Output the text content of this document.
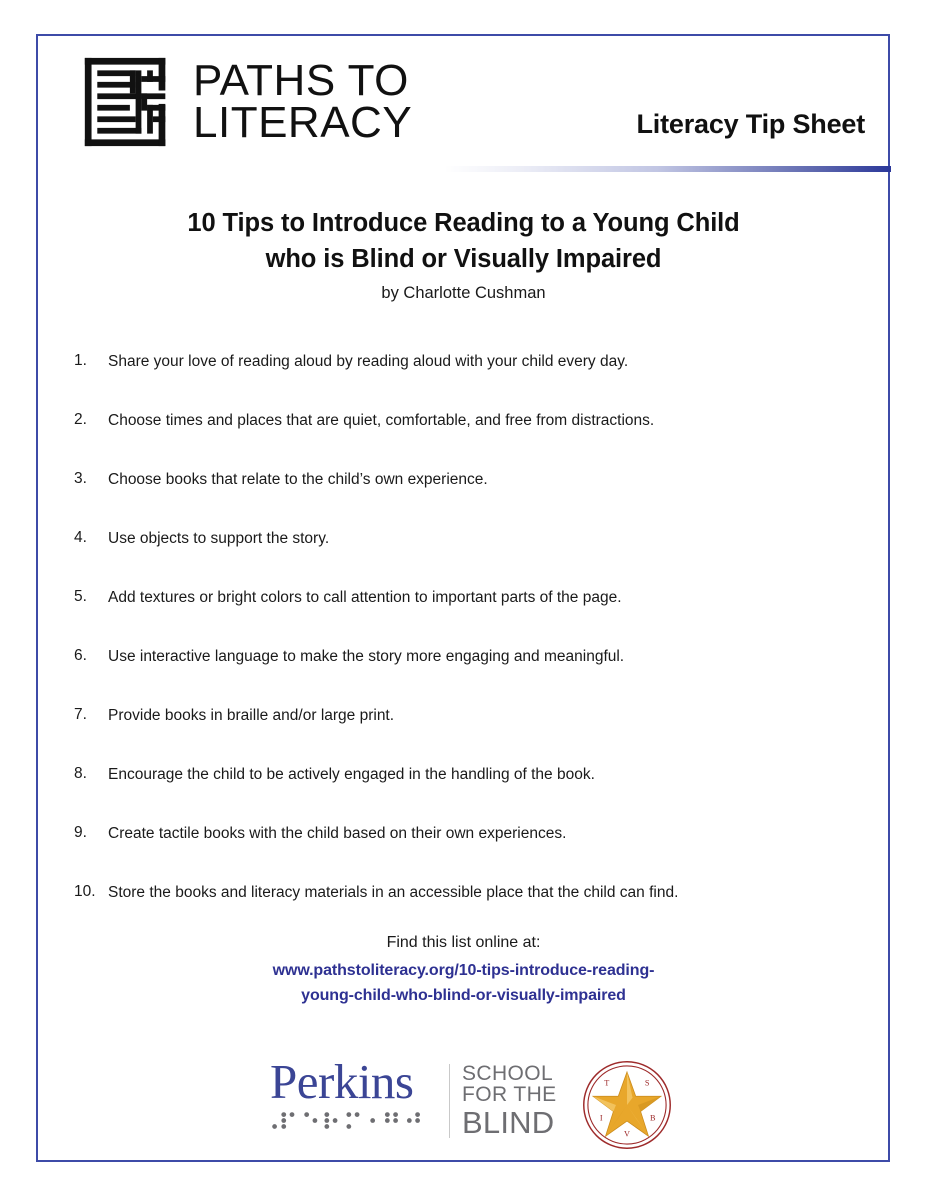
PATHS TO
LITERACY	Literacy Tip Sheet
10 Tips to Introduce Reading to a Young Child
who is Blind or Visually Impaired
by Charlotte Cushman
1.	Share your love of reading aloud by reading aloud with your child every day.
2.	Choose times and places that are quiet, comfortable, and free from distractions.
3.	Choose books that relate to the child’s own experience.
4.	Use objects to support the story.
5.	Add textures or bright colors to call attention to important parts of the page.
6.	Use interactive language to make the story more engaging and meaningful.
7.	Provide books in braille and/or large print.
8.	Encourage the child to be actively engaged in the handling of the book.
9.	Create tactile books with the child based on their own experiences.
10. Store the books and literacy materials in an accessible place that the child can find.
Find this list online at:
www.pathstoliteracy.org/10-tips-introduce-reading-
young-child-who-blind-or-visually-impaired
Perkins	SCHOOL
FOR THE
BLIND
T	S
B
V
I
